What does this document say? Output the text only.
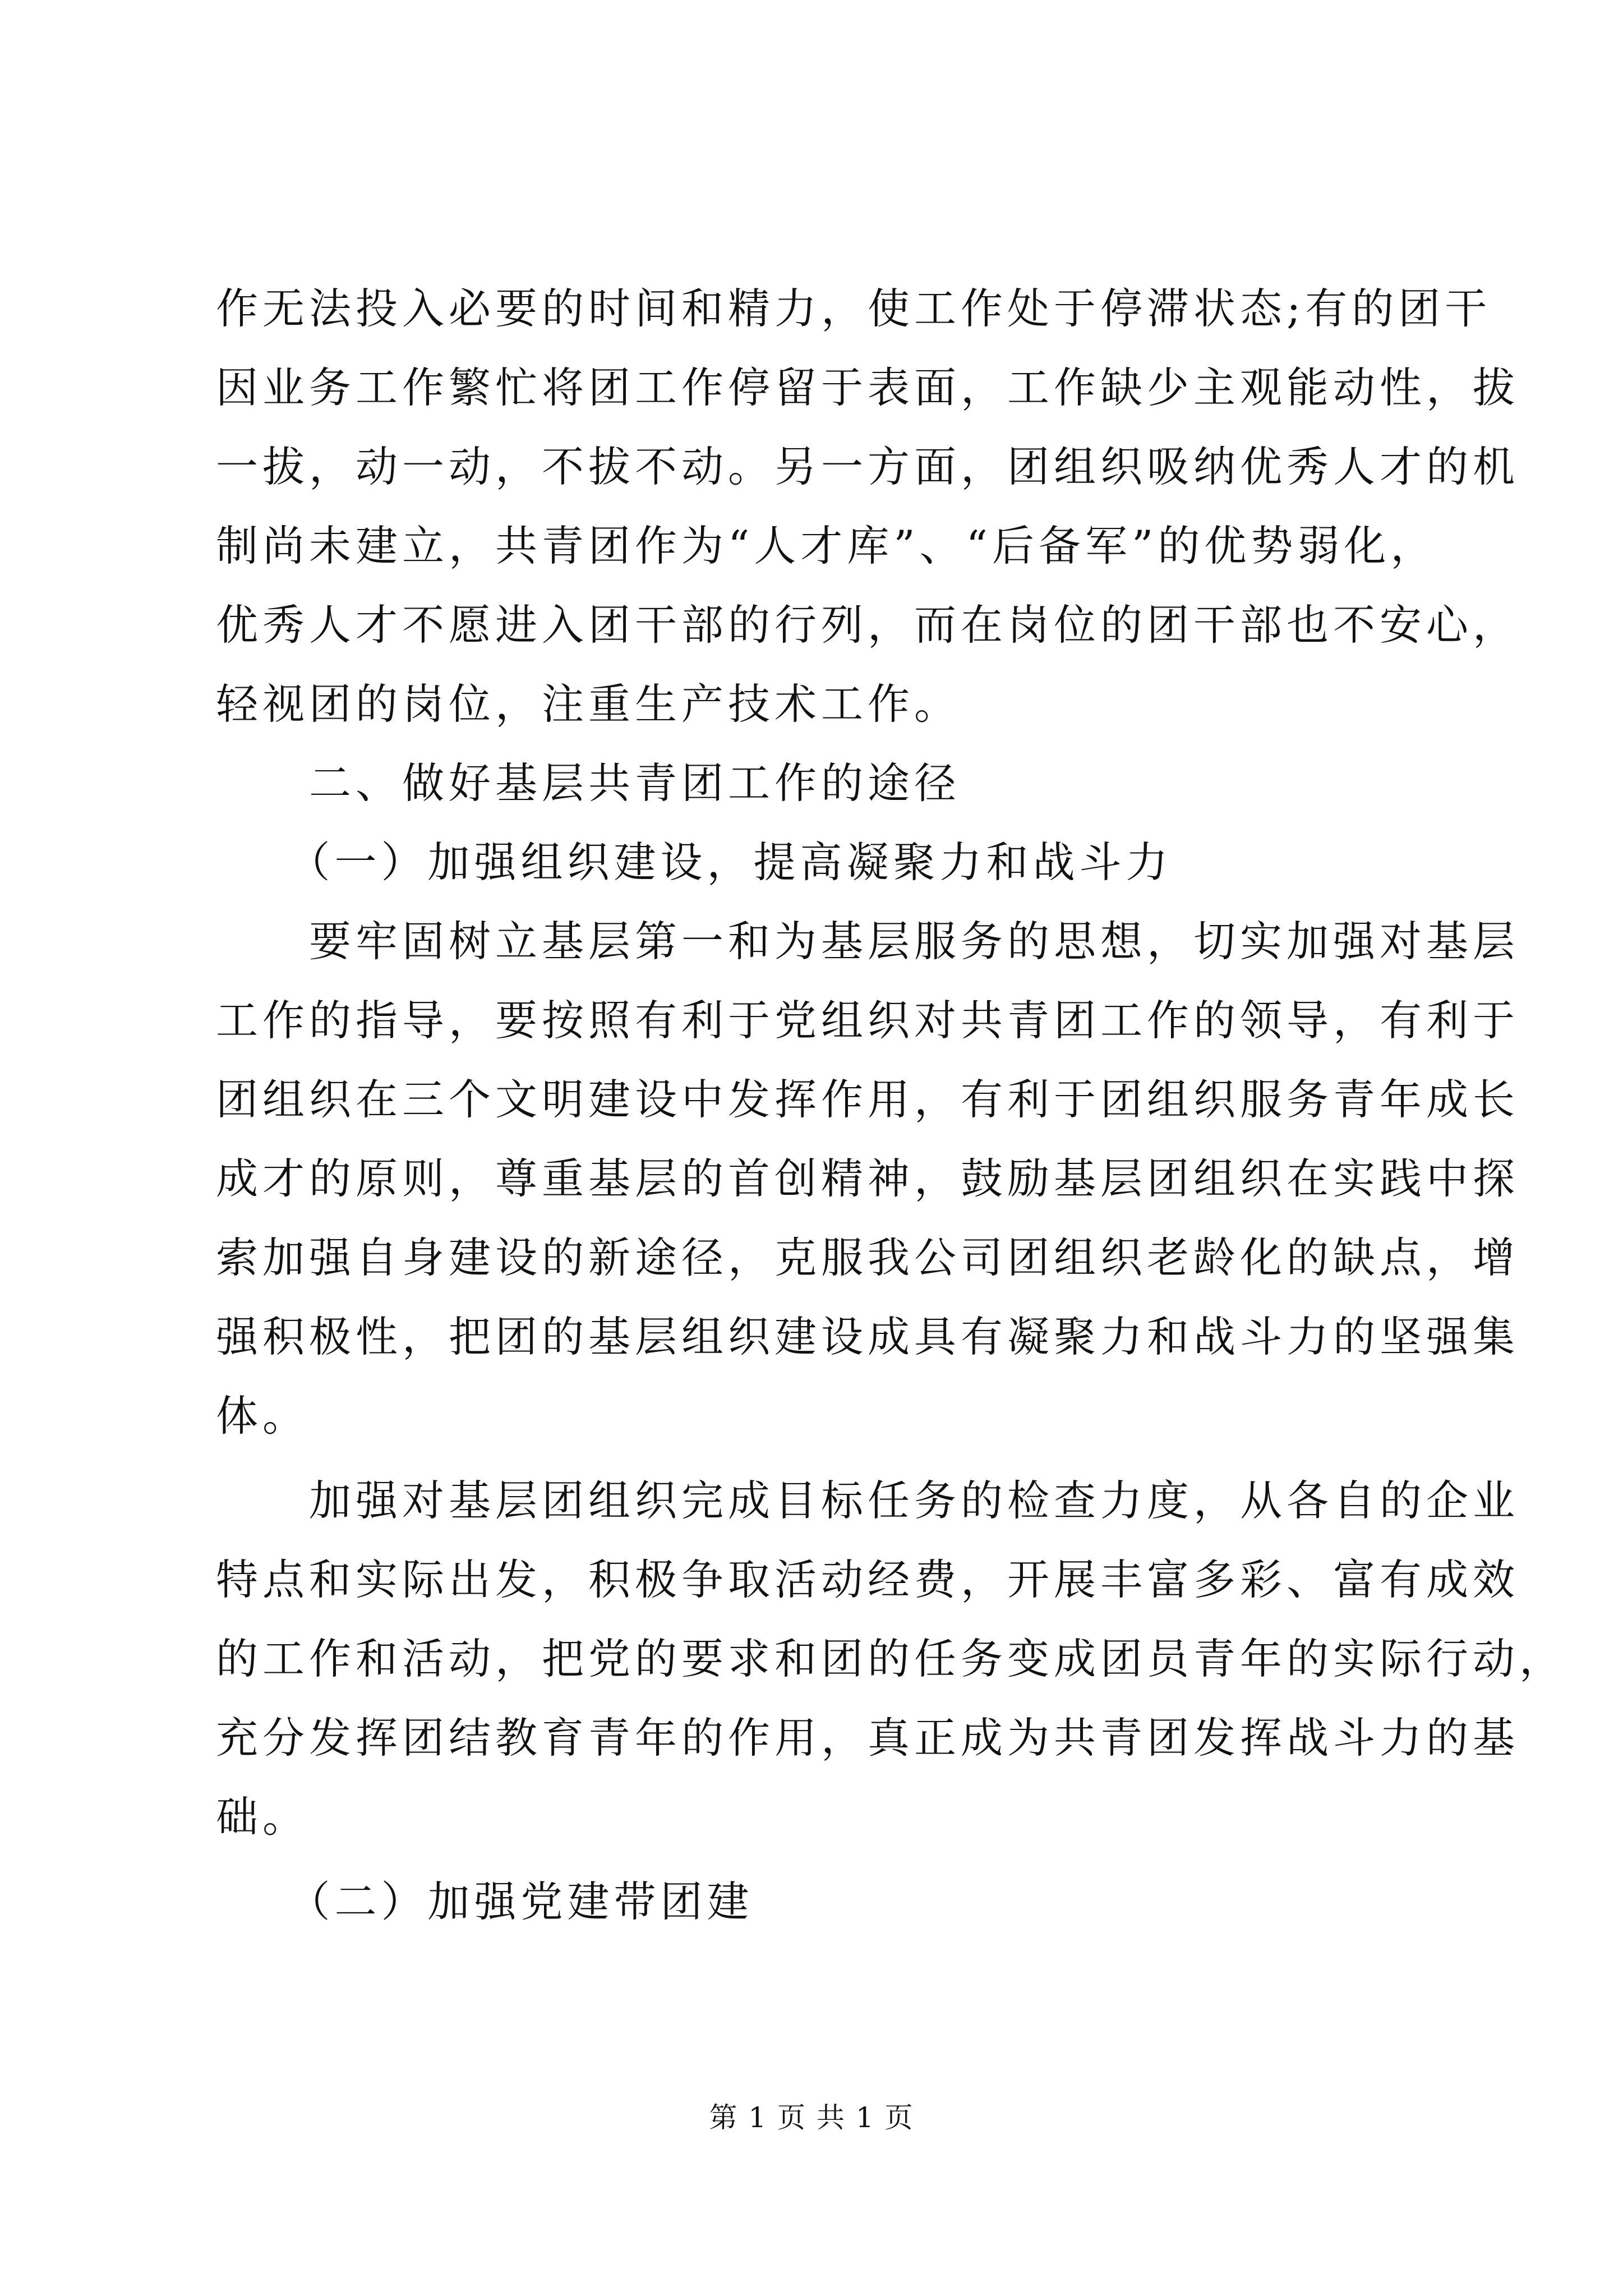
作无法投入必要的时间和精力，使工作处于停滞状态;有的团干
因业务工作繁忙将团工作停留于表面，工作缺少主观能动性，拔
一拔，动一动，不拔不动。另一方面，团组织吸纳优秀人才的机
制尚未建立，共青团作为“人才库”、“后备军”的优势弱化，
优秀人才不愿进入团干部的行列，而在岗位的团干部也不安心，
轻视团的岗位，注重生产技术工作。
　　二、做好基层共青团工作的途径
　　（一）加强组织建设，提高凝聚力和战斗力
　　要牢固树立基层第一和为基层服务的思想，切实加强对基层
工作的指导，要按照有利于党组织对共青团工作的领导，有利于
团组织在三个文明建设中发挥作用，有利于团组织服务青年成长
成才的原则，尊重基层的首创精神，鼓励基层团组织在实践中探
索加强自身建设的新途径，克服我公司团组织老龄化的缺点，增
强积极性，把团的基层组织建设成具有凝聚力和战斗力的坚强集
体。
　　加强对基层团组织完成目标任务的检查力度，从各自的企业
特点和实际出发，积极争取活动经费，开展丰富多彩、富有成效
的工作和活动，把党的要求和团的任务变成团员青年的实际行动，
充分发挥团结教育青年的作用，真正成为共青团发挥战斗力的基
础。
　　（二）加强党建带团建
第 1 页 共 1 页
